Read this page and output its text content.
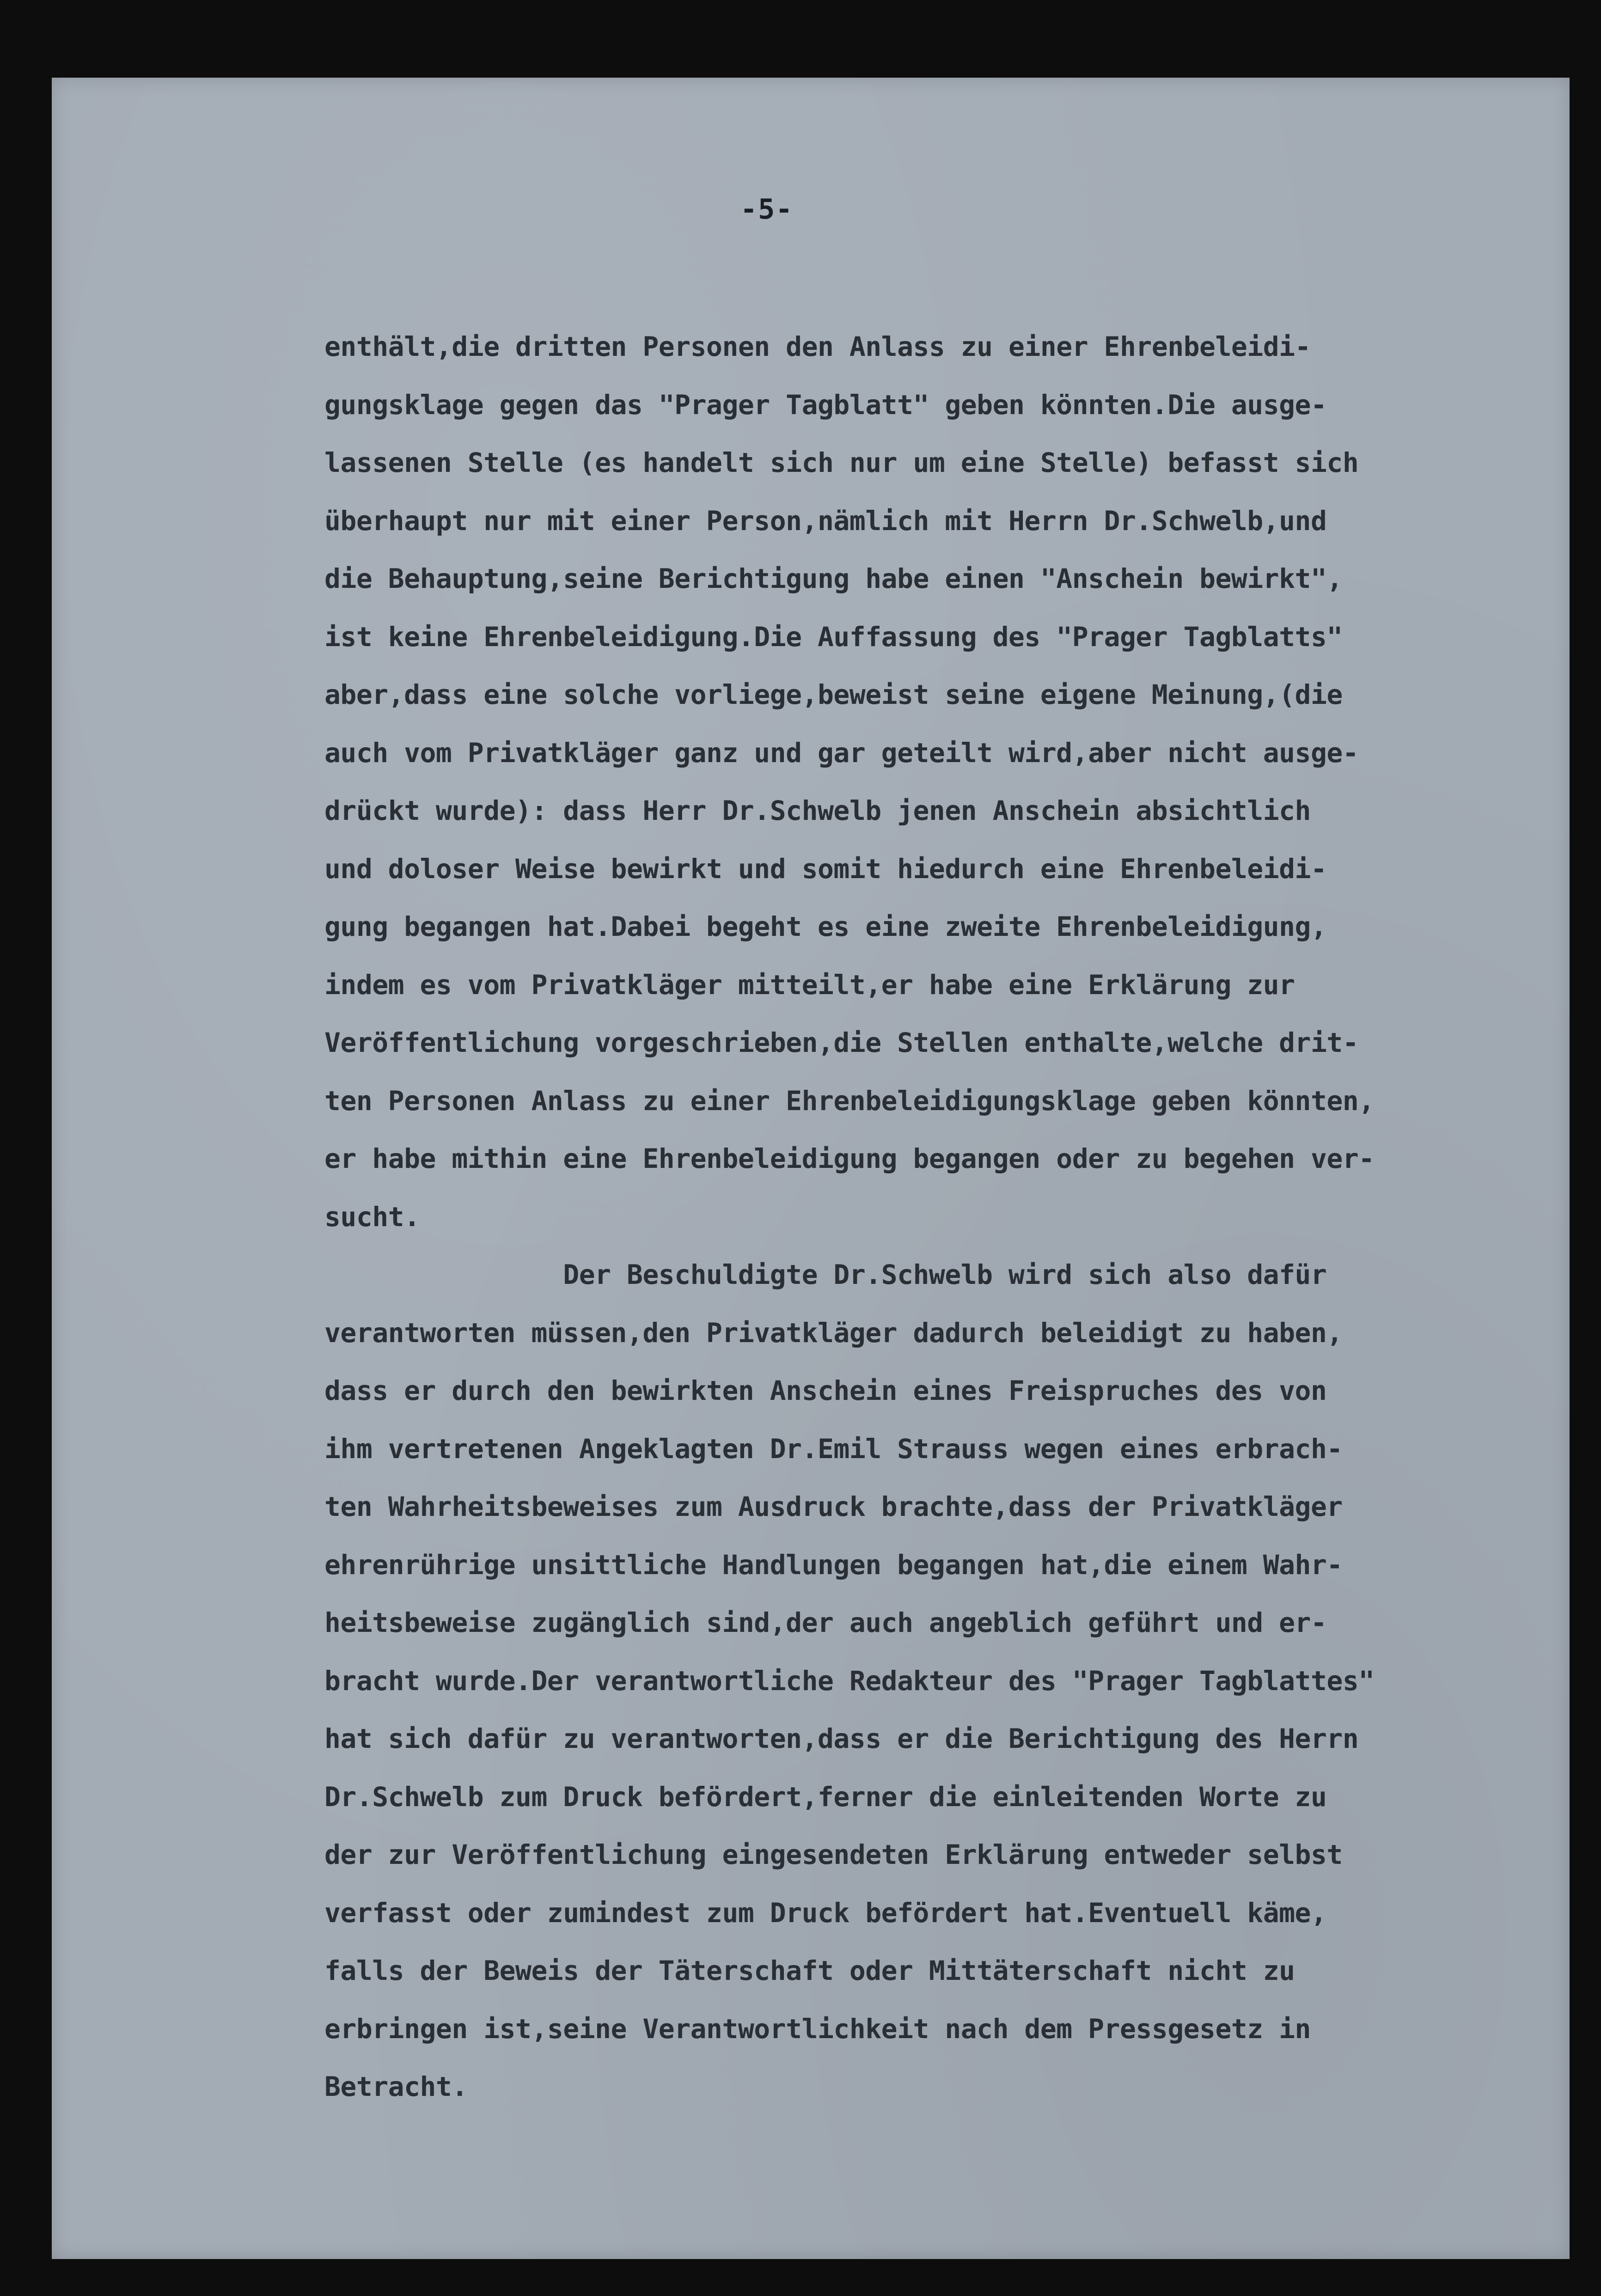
-5-

enthält,die dritten Personen den Anlass zu einer Ehrenbeleidi-
gungsklage gegen das "Prager Tagblatt" geben könnten.Die ausge-
lassenen Stelle (es handelt sich nur um eine Stelle) befasst sich
überhaupt nur mit einer Person,nämlich mit Herrn Dr.Schwelb,und
die Behauptung,seine Berichtigung habe einen "Anschein bewirkt",
ist keine Ehrenbeleidigung.Die Auffassung des "Prager Tagblatts"
aber,dass eine solche vorliege,beweist seine eigene Meinung,(die
auch vom Privatkläger ganz und gar geteilt wird,aber nicht ausge-
drückt wurde): dass Herr Dr.Schwelb jenen Anschein absichtlich
und doloser Weise bewirkt und somit hiedurch eine Ehrenbeleidi-
gung begangen hat.Dabei begeht es eine zweite Ehrenbeleidigung,
indem es vom Privatkläger mitteilt,er habe eine Erklärung zur
Veröffentlichung vorgeschrieben,die Stellen enthalte,welche drit-
ten Personen Anlass zu einer Ehrenbeleidigungsklage geben könnten,
er habe mithin eine Ehrenbeleidigung begangen oder zu begehen ver-
sucht.
Der Beschuldigte Dr.Schwelb wird sich also dafür
verantworten müssen,den Privatkläger dadurch beleidigt zu haben,
dass er durch den bewirkten Anschein eines Freispruches des von
ihm vertretenen Angeklagten Dr.Emil Strauss wegen eines erbrach-
ten Wahrheitsbeweises zum Ausdruck brachte,dass der Privatkläger
ehrenrührige unsittliche Handlungen begangen hat,die einem Wahr-
heitsbeweise zugänglich sind,der auch angeblich geführt und er-
bracht wurde.Der verantwortliche Redakteur des "Prager Tagblattes"
hat sich dafür zu verantworten,dass er die Berichtigung des Herrn
Dr.Schwelb zum Druck befördert,ferner die einleitenden Worte zu
der zur Veröffentlichung eingesendeten Erklärung entweder selbst
verfasst oder zumindest zum Druck befördert hat.Eventuell käme,
falls der Beweis der Täterschaft oder Mittäterschaft nicht zu
erbringen ist,seine Verantwortlichkeit nach dem Pressgesetz in
Betracht.
